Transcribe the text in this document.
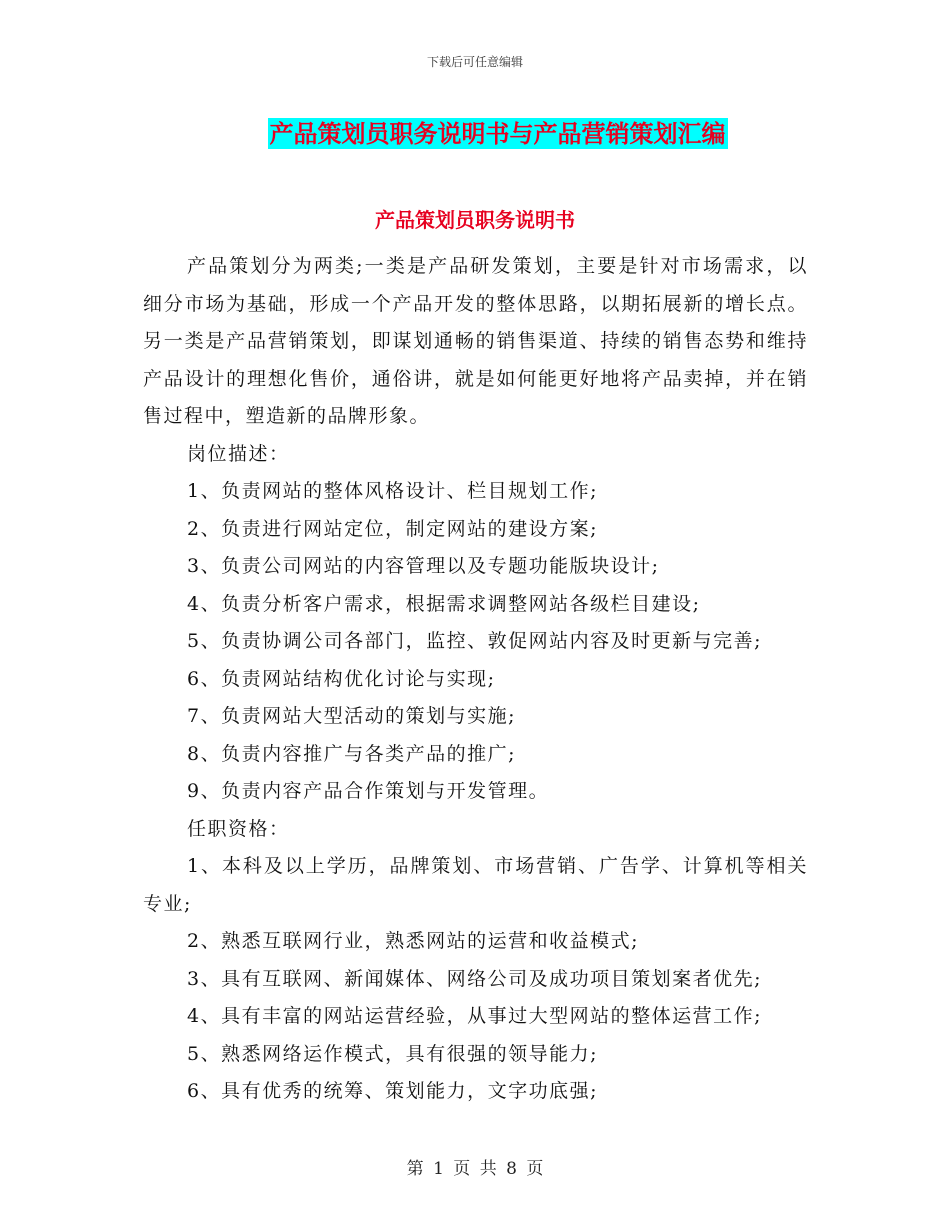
下载后可任意编辑
产品策划员职务说明书与产品营销策划汇编
产品策划员职务说明书

产品策划分为两类;一类是产品研发策划，主要是针对市场需求，以细分市场为基础，形成一个产品开发的整体思路，以期拓展新的增长点。另一类是产品营销策划，即谋划通畅的销售渠道、持续的销售态势和维持产品设计的理想化售价，通俗讲，就是如何能更好地将产品卖掉，并在销售过程中，塑造新的品牌形象。

岗位描述：

1、负责网站的整体风格设计、栏目规划工作;

2、负责进行网站定位，制定网站的建设方案;

3、负责公司网站的内容管理以及专题功能版块设计;

4、负责分析客户需求，根据需求调整网站各级栏目建设;

5、负责协调公司各部门，监控、敦促网站内容及时更新与完善;

6、负责网站结构优化讨论与实现;

7、负责网站大型活动的策划与实施;

8、负责内容推广与各类产品的推广;

9、负责内容产品合作策划与开发管理。

任职资格：

1、本科及以上学历，品牌策划、市场营销、广告学、计算机等相关专业;

2、熟悉互联网行业，熟悉网站的运营和收益模式;

3、具有互联网、新闻媒体、网络公司及成功项目策划案者优先;

4、具有丰富的网站运营经验，从事过大型网站的整体运营工作;

5、熟悉网络运作模式，具有很强的领导能力;

6、具有优秀的统筹、策划能力，文字功底强;

第 1 页 共 8 页
